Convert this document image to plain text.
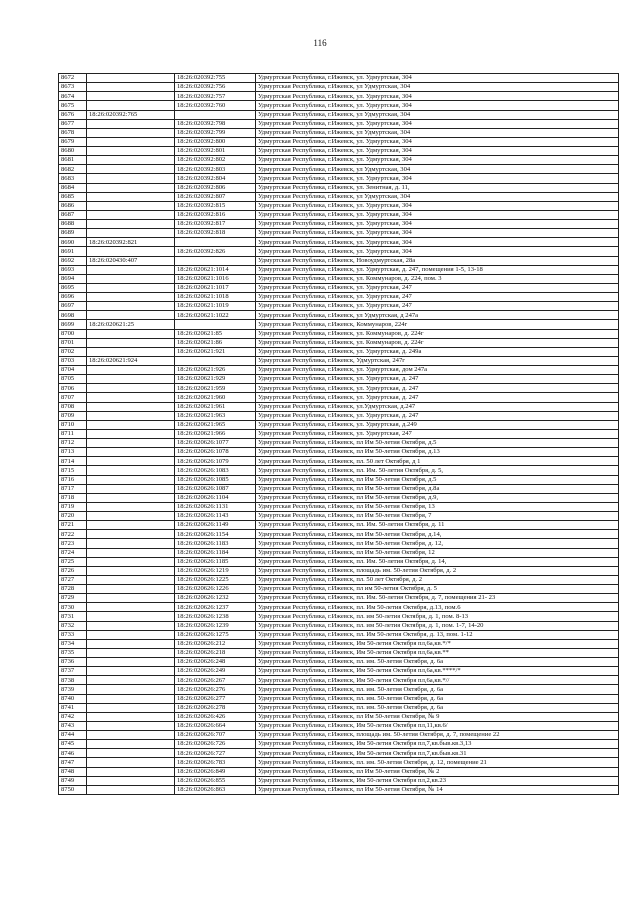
116
8672		18:26:020392:755	Удмуртская Республика, г.Ижевск, ул. Удмуртская, 304
8673		18:26:020392:756	Удмуртская Республика, г.Ижевск, ул Удмуртская, 304
8674		18:26:020392:757	Удмуртская Республика, г.Ижевск, ул. Удмуртская, 304
8675		18:26:020392:760	Удмуртская Республика, г.Ижевск, ул. Удмуртская, 304
8676	18:26:020392:765		Удмуртская Республика, г.Ижевск, ул Удмуртская, 304
8677		18:26:020392:798	Удмуртская Республика, г.Ижевск, ул. Удмуртская, 304
8678		18:26:020392:799	Удмуртская Республика, г.Ижевск, ул Удмуртская, 304
8679		18:26:020392:800	Удмуртская Республика, г.Ижевск, ул. Удмуртская, 304
8680		18:26:020392:801	Удмуртская Республика, г.Ижевск, ул. Удмуртская, 304
8681		18:26:020392:802	Удмуртская Республика, г.Ижевск, ул. Удмуртская, 304
8682		18:26:020392:803	Удмуртская Республика, г.Ижевск, ул Удмуртская, 304
8683		18:26:020392:804	Удмуртская Республика, г.Ижевск, ул. Удмуртская, 304
8684		18:26:020392:806	Удмуртская Республика, г.Ижевск, ул. Зенитная, д. 11,
8685		18:26:020392:807	Удмуртская Республика, г.Ижевск, ул Удмуртская, 304
8686		18:26:020392:815	Удмуртская Республика, г.Ижевск, ул. Удмуртская, 304
8687		18:26:020392:816	Удмуртская Республика, г.Ижевск, ул. Удмуртская, 304
8688		18:26:020392:817	Удмуртская Республика, г.Ижевск, ул. Удмуртская, 304
8689		18:26:020392:818	Удмуртская Республика, г.Ижевск, ул. Удмуртская, 304
8690	18:26:020392:821		Удмуртская Республика, г.Ижевск, ул. Удмуртская, 304
8691		18:26:020392:826	Удмуртская Республика, г.Ижевск, ул. Удмуртская, 304
8692	18:26:020430:407		Удмуртская Республика, г.Ижевск, Новоудмуртская, 28а
8693		18:26:020621:1014	Удмуртская Республика, г.Ижевск, ул. Удмуртская, д. 247, помещения 1-5, 13-18
8694		18:26:020621:1016	Удмуртская Республика, г.Ижевск, ул. Коммунаров, д. 224, пом. 3
8695		18:26:020621:1017	Удмуртская Республика, г.Ижевск, ул. Удмуртская, 247
8696		18:26:020621:1018	Удмуртская Республика, г.Ижевск, ул. Удмуртская, 247
8697		18:26:020621:1019	Удмуртская Республика, г.Ижевск, ул. Удмуртская, 247
8698		18:26:020621:1022	Удмуртская Республика, г.Ижевск, ул Удмуртская, д 247а
8699	18:26:020621:25		Удмуртская Республика, г.Ижевск, Коммунаров, 224г
8700		18:26:020621:85	Удмуртская Республика, г.Ижевск, ул. Коммунаров, д. 224г
8701		18:26:020621:86	Удмуртская Республика, г.Ижевск, ул. Коммунаров, д. 224г
8702		18:26:020621:921	Удмуртская Республика, г.Ижевск, ул. Удмуртская, д. 249а
8703	18:26:020621:924		Удмуртская Республика, г.Ижевск, Удмуртская, 247г
8704		18:26:020621:926	Удмуртская Республика, г.Ижевск, ул. Удмуртская, дом 247а
8705		18:26:020621:929	Удмуртская Республика, г.Ижевск, ул. Удмуртская, д. 247
8706		18:26:020621:959	Удмуртская Республика, г.Ижевск, ул. Удмуртская, д. 247
8707		18:26:020621:960	Удмуртская Республика, г.Ижевск, ул. Удмуртская, д. 247
8708		18:26:020621:961	Удмуртская Республика, г.Ижевск, ул.Удмуртская, д.247
8709		18:26:020621:963	Удмуртская Республика, г.Ижевск, ул. Удмуртская, д. 247
8710		18:26:020621:965	Удмуртская Республика, г.Ижевск, ул. Удмуртская, д.249
8711		18:26:020621:966	Удмуртская Республика, г.Ижевск, ул. Удмуртская, 247
8712		18:26:020626:1077	Удмуртская Республика, г.Ижевск, пл Им 50-летия Октября, д.5
8713		18:26:020626:1078	Удмуртская Республика, г.Ижевск, пл Им 50-летия Октября, д.13
8714		18:26:020626:1079	Удмуртская Республика, г.Ижевск, пл. 50 лет Октября, д 1
8715		18:26:020626:1083	Удмуртская Республика, г.Ижевск, пл. Им. 50-летия Октября, д. 5,
8716		18:26:020626:1085	Удмуртская Республика, г.Ижевск, пл Им 50-летия Октября, д.5
8717		18:26:020626:1087	Удмуртская Республика, г.Ижевск, пл Им 50-летия Октября, д.8а
8718		18:26:020626:1104	Удмуртская Республика, г.Ижевск, пл Им 50-летия Октября, д.9,
8719		18:26:020626:1131	Удмуртская Республика, г.Ижевск, пл Им 50-летия Октября, 13
8720		18:26:020626:1143	Удмуртская Республика, г.Ижевск, пл Им 50-летия Октября, 7
8721		18:26:020626:1149	Удмуртская Республика, г.Ижевск, пл. Им. 50-летия Октября, д. 11
8722		18:26:020626:1154	Удмуртская Республика, г.Ижевск, пл Им 50-летия Октября, д.14,
8723		18:26:020626:1183	Удмуртская Республика, г.Ижевск, пл Им 50-летия Октября, д. 12,
8724		18:26:020626:1184	Удмуртская Республика, г.Ижевск, пл Им 50-летия Октября, 12
8725		18:26:020626:1185	Удмуртская Республика, г.Ижевск, пл. Им. 50-летия Октября, д. 14,
8726		18:26:020626:1219	Удмуртская Республика, г.Ижевск, площадь им. 50-летия Октября, д. 2
8727		18:26:020626:1225	Удмуртская Республика, г.Ижевск, пл. 50 лет Октября, д. 2
8728		18:26:020626:1226	Удмуртская Республика, г.Ижевск, пл им 50-летия Октября, д. 5
8729		18:26:020626:1232	Удмуртская Республика, г.Ижевск, пл. Им. 50-летия Октября, д. 7, помещения 21- 23
8730		18:26:020626:1237	Удмуртская Республика, г.Ижевск, пл. Им 50-летия Октября, д.13, пом.6
8731		18:26:020626:1238	Удмуртская Республика, г.Ижевск, пл. им 50-летия Октября, д. 1, пом. 8-13
8732		18:26:020626:1239	Удмуртская Республика, г.Ижевск, пл. им 50-летия Октября, д. 1, пом. 1-7, 14-20
8733		18:26:020626:1275	Удмуртская Республика, г.Ижевск, пл. Им 50-летия Октября, д. 13, пом. 1-12
8734		18:26:020626:212	Удмуртская Республика, г.Ижевск, Им 50-летия Октября пл,6а,кв.*/*
8735		18:26:020626:218	Удмуртская Республика, г.Ижевск, Им 50-летия Октября пл,6а,кв.**
8736		18:26:020626:248	Удмуртская Республика, г.Ижевск, пл. им. 50-летия Октября, д. 6а
8737		18:26:020626:249	Удмуртская Республика, г.Ижевск, Им 50-летия Октября пл,6а,кв.****/*
8738		18:26:020626:267	Удмуртская Республика, г.Ижевск, Им 50-летия Октября пл,6а,кв.*//
8739		18:26:020626:276	Удмуртская Республика, г.Ижевск, пл. им. 50-летия Октября, д. 6а
8740		18:26:020626:277	Удмуртская Республика, г.Ижевск, пл. им. 50-летия Октября, д. 6а
8741		18:26:020626:278	Удмуртская Республика, г.Ижевск, пл. им. 50-летия Октября, д. 6а
8742		18:26:020626:426	Удмуртская Республика, г.Ижевск, пл Им 50-летия Октября, № 9
8743		18:26:020626:664	Удмуртская Республика, г.Ижевск, Им 50-летия Октября пл,11,кв.6/
8744		18:26:020626:707	Удмуртская Республика, г.Ижевск, площадь им. 50-летия Октября, д. 7, помещение 22
8745		18:26:020626:726	Удмуртская Республика, г.Ижевск, Им 50-летия Октября пл,7,кв.быв.кв.3,13
8746		18:26:020626:727	Удмуртская Республика, г.Ижевск, Им 50-летия Октября пл,7,кв.быв.кв.31
8747		18:26:020626:783	Удмуртская Республика, г.Ижевск, пл. им. 50-летия Октября, д. 12, помещение 21
8748		18:26:020626:849	Удмуртская Республика, г.Ижевск, пл Им 50-летия Октября, № 2
8749		18:26:020626:855	Удмуртская Республика, г.Ижевск, Им 50-летия Октября пл,2,кв.23
8750		18:26:020626:863	Удмуртская Республика, г.Ижевск, пл Им 50-летия Октября, № 14
